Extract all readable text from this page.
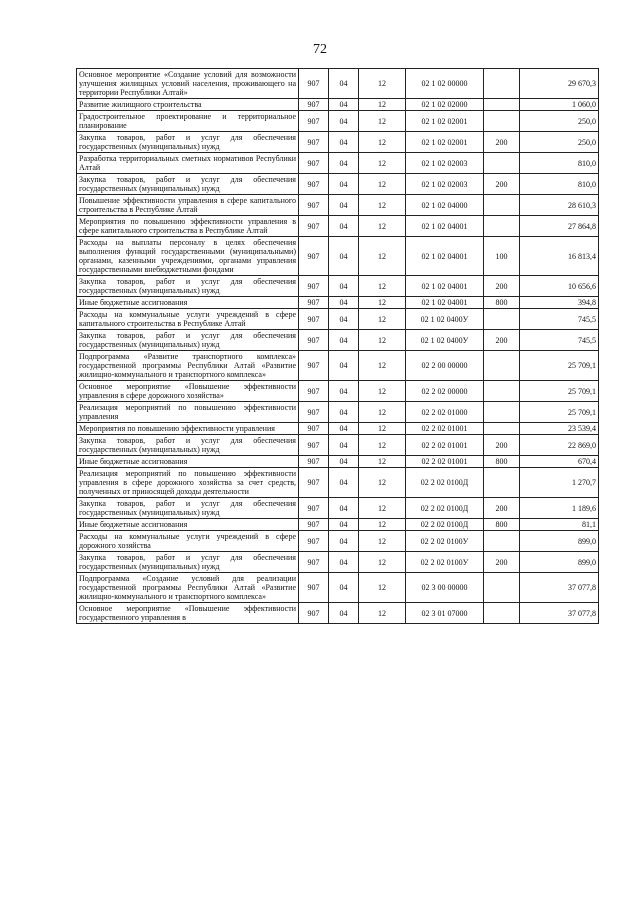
72
Основное мероприятие «Создание условий для возможности улучшения жилищных условий населения, проживающего на территории Республики Алтай»	907	04	12	02 1 02 00000		29 670,3
Развитие жилищного строительства	907	04	12	02 1 02 02000		1 060,0
Градостроительное проектирование и территориальное планирование	907	04	12	02 1 02 02001		250,0
Закупка товаров, работ и услуг для обеспечения государственных (муниципальных) нужд	907	04	12	02 1 02 02001	200	250,0
Разработка территориальных сметных нормативов Республики Алтай	907	04	12	02 1 02 02003		810,0
Закупка товаров, работ и услуг для обеспечения государственных (муниципальных) нужд	907	04	12	02 1 02 02003	200	810,0
Повышение эффективности управления в сфере капитального строительства в Республике Алтай	907	04	12	02 1 02 04000		28 610,3
Мероприятия по повышению эффективности управления в сфере капитального строительства в Республике Алтай	907	04	12	02 1 02 04001		27 864,8
Расходы на выплаты персоналу в целях обеспечения выполнения функций государственными (муниципальными) органами, казенными учреждениями, органами управления государственными внебюджетными фондами	907	04	12	02 1 02 04001	100	16 813,4
Закупка товаров, работ и услуг для обеспечения государственных (муниципальных) нужд	907	04	12	02 1 02 04001	200	10 656,6
Иные бюджетные ассигнования	907	04	12	02 1 02 04001	800	394,8
Расходы на коммунальные услуги учреждений в сфере капитального строительства в Республике Алтай	907	04	12	02 1 02 0400У		745,5
Закупка товаров, работ и услуг для обеспечения государственных (муниципальных) нужд	907	04	12	02 1 02 0400У	200	745,5
Подпрограмма «Развитие транспортного комплекса» государственной программы Республики Алтай «Развитие жилищно-коммунального и транспортного комплекса»	907	04	12	02 2 00 00000		25 709,1
Основное мероприятие «Повышение эффективности управления в сфере дорожного хозяйства»	907	04	12	02 2 02 00000		25 709,1
Реализация мероприятий по повышению эффективности управления	907	04	12	02 2 02 01000		25 709,1
Мероприятия по повышению эффективности управления	907	04	12	02 2 02 01001		23 539,4
Закупка товаров, работ и услуг для обеспечения государственных (муниципальных) нужд	907	04	12	02 2 02 01001	200	22 869,0
Иные бюджетные ассигнования	907	04	12	02 2 02 01001	800	670,4
Реализация мероприятий по повышению эффективности управления в сфере дорожного хозяйства за счет средств, полученных от приносящей доходы деятельности	907	04	12	02 2 02 0100Д		1 270,7
Закупка товаров, работ и услуг для обеспечения государственных (муниципальных) нужд	907	04	12	02 2 02 0100Д	200	1 189,6
Иные бюджетные ассигнования	907	04	12	02 2 02 0100Д	800	81,1
Расходы на коммунальные услуги учреждений в сфере дорожного хозяйства	907	04	12	02 2 02 0100У		899,0
Закупка товаров, работ и услуг для обеспечения государственных (муниципальных) нужд	907	04	12	02 2 02 0100У	200	899,0
Подпрограмма «Создание условий для реализации государственной программы Республики Алтай «Развитие жилищно-коммунального и транспортного комплекса»	907	04	12	02 3 00 00000		37 077,8
Основное мероприятие «Повышение эффективности государственного управления в	907	04	12	02 3 01 07000		37 077,8
